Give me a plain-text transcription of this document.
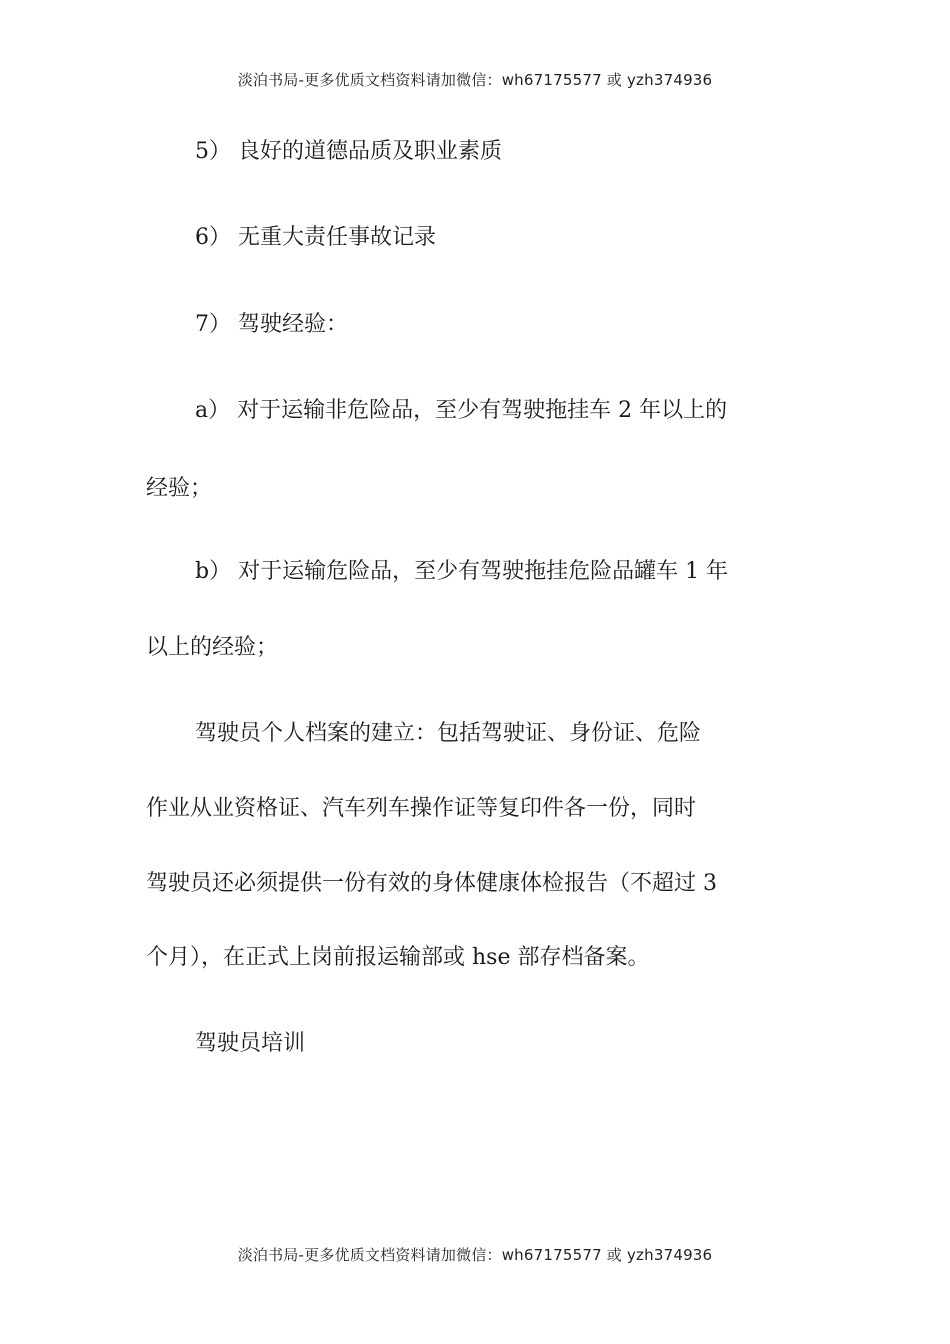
淡泊书局-更多优质文档资料请加微信：wh67175577 或 yzh374936
5） 良好的道德品质及职业素质
6） 无重大责任事故记录
7） 驾驶经验：
a） 对于运输非危险品，至少有驾驶拖挂车 2 年以上的
经验；
b） 对于运输危险品，至少有驾驶拖挂危险品罐车 1 年
以上的经验；
驾驶员个人档案的建立：包括驾驶证、身份证、危险
作业从业资格证、汽车列车操作证等复印件各一份，同时
驾驶员还必须提供一份有效的身体健康体检报告（不超过 3
个月），在正式上岗前报运输部或 hse 部存档备案。
驾驶员培训
淡泊书局-更多优质文档资料请加微信：wh67175577 或 yzh374936
